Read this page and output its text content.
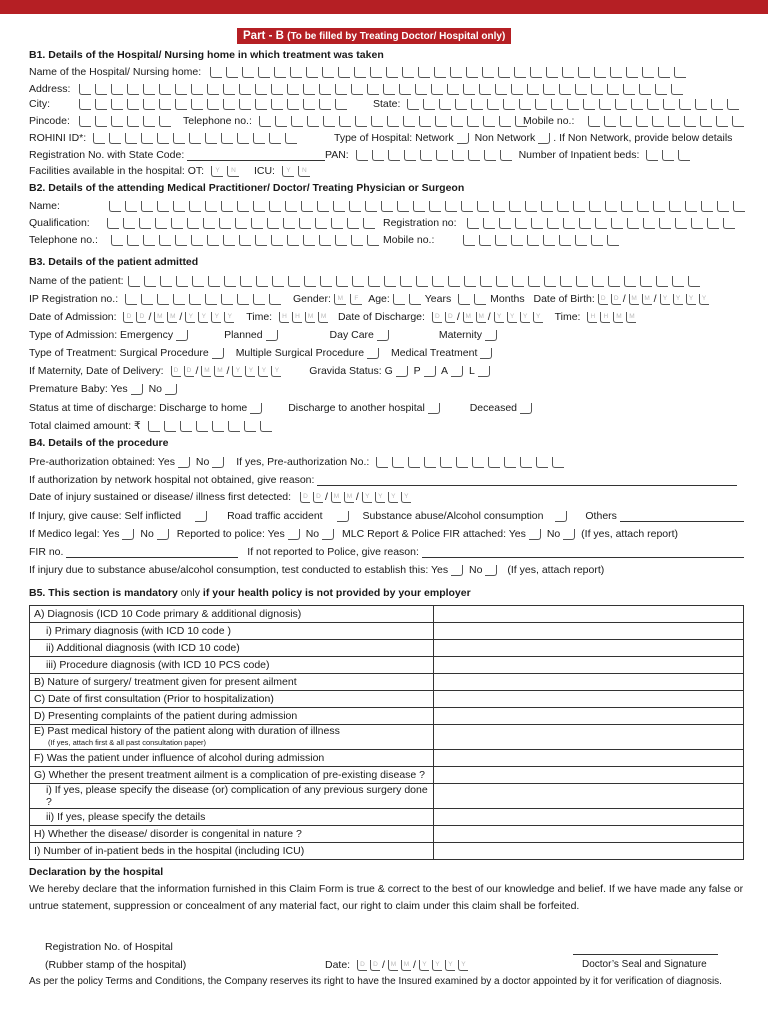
Part - B (To be filled by Treating Doctor/ Hospital only)
B1. Details of the Hospital/ Nursing home in which treatment was taken
Name of the Hospital/ Nursing home:
Address:
Mobile no.:
City:	State:
Pincode:	Telephone no.:
ROHINI ID*:	Type of Hospital: Network Non Network . If Non Network, provide below details
Registration No. with State Code:	PAN:	Number of Inpatient beds:
Facilities available in the hospital: OT: Y N ICU: Y N
B2. Details of the attending Medical Practitioner/ Doctor/ Treating Physician or Surgeon
Name:
Qualification:	Registration no:
Telephone no.:	Mobile no.:
B3. Details of the patient admitted
Name of the patient:
IP Registration no.:	Gender: M F Age:	Years	Months Date of Birth: D D / M M / Y Y Y Y
Date of Admission: D D / M M / Y Y Y Y Time: H H M M Date of Discharge: D D / M M / Y Y Y Y Time: H H M M
Type of Admission: Emergency	Planned	Day Care	Maternity
Type of Treatment: Surgical Procedure	Multiple Surgical Procedure	Medical Treatment
If Maternity, Date of Delivery: D D / M M / Y Y Y Y	Gravida Status: G P A L
Premature Baby: Yes No
Status at time of discharge: Discharge to home	Discharge to another hospital	Deceased
Total claimed amount: ₹
B4. Details of the procedure
Pre-authorization obtained: Yes No	If yes, Pre-authorization No.:
If authorization by network hospital not obtained, give reason:
Date of injury sustained or disease/ illness first detected: D D / M M / Y Y Y Y
If Injury, give cause: Self inflicted	Road traffic accident	Substance abuse/Alcohol consumption	Others
If Medico legal: Yes No Reported to police: Yes No MLC Report & Police FIR attached: Yes No (If yes, attach report)
FIR no.	If not reported to Police, give reason:
If injury due to substance abuse/alcohol consumption, test conducted to establish this: Yes No (If yes, attach report)
B5. This section is mandatory only if your health policy is not provided by your employer
A) Diagnosis (ICD 10 Code primary & additional dignosis)	
i) Primary diagnosis (with ICD 10 code )	
ii) Additional diagnosis (with ICD 10 code)	
iii) Procedure diagnosis (with ICD 10 PCS code)	
B) Nature of surgery/ treatment given for present ailment	
C) Date of first consultation (Prior to hospitalization)	
D) Presenting complaints of the patient during admission	
E) Past medical history of the patient along with duration of illness
(If yes, attach first & all past consultation paper)	

F) Was the patient under influence of alcohol during admission	
G) Whether the present treatment ailment is a complication of pre-existing disease ?	
i) If yes, please specify the disease (or) complication of any previous surgery done ?	
ii) If yes, please specify the details	
H) Whether the disease/ disorder is congenital in nature ?	
I) Number of in-patient beds in the hospital (including ICU)	
Declaration by the hospital
We hereby declare that the information furnished in this Claim Form is true & correct to the best of our knowledge and belief. If we have made any false or untrue statement, suppression or concealment of any material fact, our right to claim under this claim shall be forfeited.
Registration No. of Hospital
(Rubber stamp of the hospital)	Date: D D / M M / Y Y Y Y	Doctor’s Seal and Signature
As per the policy Terms and Conditions, the Company reserves its right to have the Insured examined by a doctor appointed by it for verification of diagnosis.
